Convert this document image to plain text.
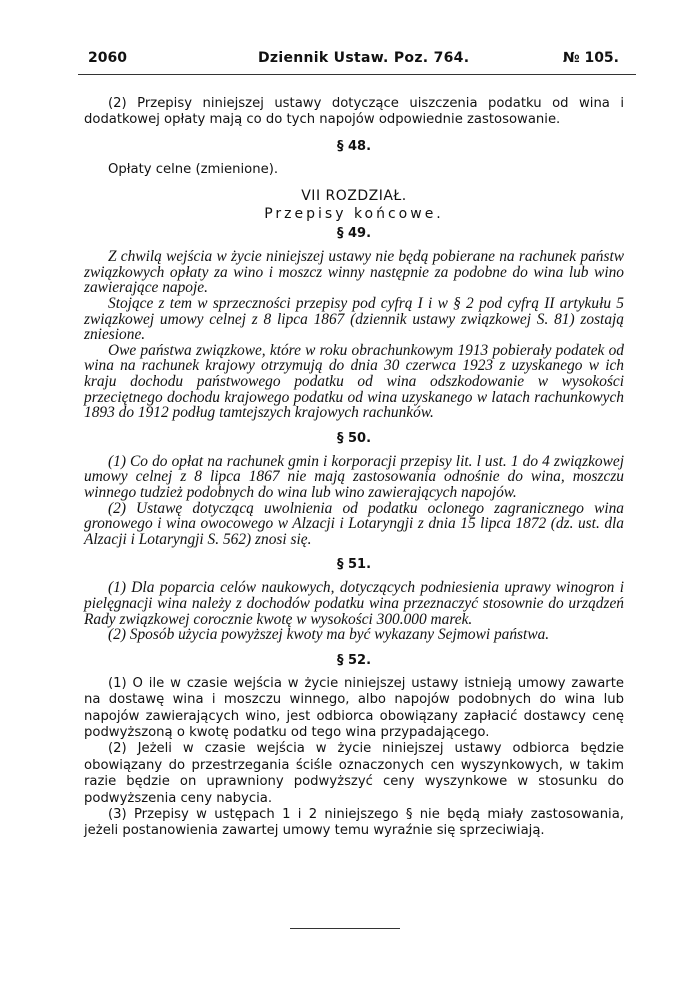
2060	Dziennik Ustaw. Poz. 764.	№ 105.

(2) Przepisy niniejszej ustawy dotyczące uiszczenia podatku od wina i dodatkowej opłaty mają co do tych napojów odpowiednie zastosowanie.

§ 48.

Opłaty celne (zmienione).

VII ROZDZIAŁ.
Przepisy końcowe.
§ 49.

Z chwilą wejścia w życie niniejszej ustawy nie będą pobierane na rachunek państw związkowych opłaty za wino i moszcz winny następnie za podobne do wina lub wino zawierające napoje.

Stojące z tem w sprzeczności przepisy pod cyfrą I i w § 2 pod cyfrą II artykułu 5 związkowej umowy celnej z 8 lipca 1867 (dziennik ustawy związkowej S. 81) zostają zniesione.

Owe państwa związkowe, które w roku obrachunkowym 1913 pobierały podatek od wina na rachunek krajowy otrzymują do dnia 30 czerwca 1923 z uzyskanego w ich kraju dochodu państwowego podatku od wina odszkodowanie w wysokości przeciętnego dochodu krajowego podatku od wina uzyskanego w latach rachunkowych 1893 do 1912 podług tamtejszych krajowych rachunków.

§ 50.

(1) Co do opłat na rachunek gmin i korporacji przepisy lit. l ust. 1 do 4 związkowej umowy celnej z 8 lipca 1867 nie mają zastosowania odnośnie do wina, moszczu winnego tudzież podobnych do wina lub wino zawierających napojów.

(2) Ustawę dotyczącą uwolnienia od podatku oclonego zagranicznego wina gronowego i wina owocowego w Alzacji i Lotaryngji z dnia 15 lipca 1872 (dz. ust. dla Alzacji i Lotaryngji S. 562) znosi się.

§ 51.

(1) Dla poparcia celów naukowych, dotyczących podniesienia uprawy winogron i pielęgnacji wina należy z dochodów podatku wina przeznaczyć stosownie do urządzeń Rady związkowej corocznie kwotę w wysokości 300.000 marek.

(2) Sposób użycia powyższej kwoty ma być wykazany Sejmowi państwa.

§ 52.

(1) O ile w czasie wejścia w życie niniejszej ustawy istnieją umowy zawarte na dostawę wina i moszczu winnego, albo napojów podobnych do wina lub napojów zawierających wino, jest odbiorca obowiązany zapłacić dostawcy cenę podwyższoną o kwotę podatku od tego wina przypadającego.

(2) Jeżeli w czasie wejścia w życie niniejszej ustawy odbiorca będzie obowiązany do przestrzegania ściśle oznaczonych cen wyszynkowych, w takim razie będzie on uprawniony podwyższyć ceny wyszynkowe w stosunku do podwyższenia ceny nabycia.

(3) Przepisy w ustępach 1 i 2 niniejszego § nie będą miały zastosowania, jeżeli postanowienia zawartej umowy temu wyraźnie się sprzeciwiają.
